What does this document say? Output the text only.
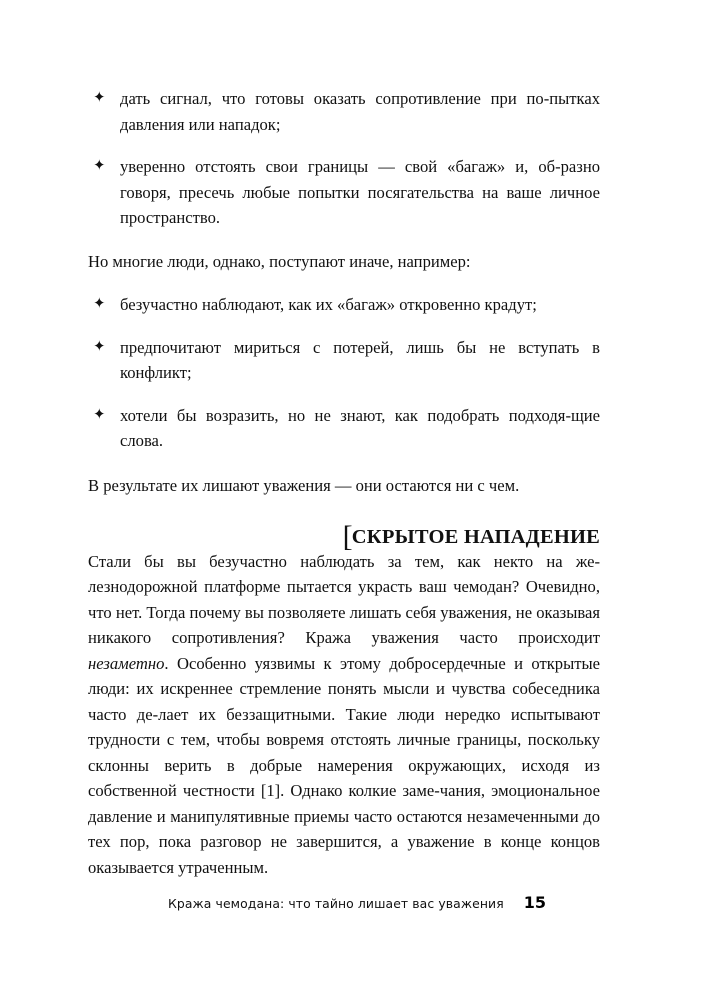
✦ дать сигнал, что готовы оказать сопротивление при по-пытках давления или нападок;
✦ уверенно отстоять свои границы — свой «багаж» и, об-разно говоря, пресечь любые попытки посягательства на ваше личное пространство.

Но многие люди, однако, поступают иначе, например:

✦ безучастно наблюдают, как их «багаж» откровенно крадут;
✦ предпочитают мириться с потерей, лишь бы не вступать в конфликт;
✦ хотели бы возразить, но не знают, как подобрать подходя-щие слова.

В результате их лишают уважения — они остаются ни с чем.

[СКРЫТОЕ НАПАДЕНИЕ

Стали бы вы безучастно наблюдать за тем, как некто на же-лезнодорожной платформе пытается украсть ваш чемодан? Очевидно, что нет. Тогда почему вы позволяете лишать себя уважения, не оказывая никакого сопротивления? Кража уважения часто происходит незаметно. Особенно уязвимы к этому добросердечные и открытые люди: их искреннее стремление понять мысли и чувства собеседника часто де-лает их беззащитными. Такие люди нередко испытывают трудности с тем, чтобы вовремя отстоять личные границы, поскольку склонны верить в добрые намерения окружающих, исходя из собственной честности [1]. Однако колкие заме-чания, эмоциональное давление и манипулятивные приемы часто остаются незамеченными до тех пор, пока разговор не завершится, а уважение в конце концов оказывается утраченным.

Кража чемодана: что тайно лишает вас уважения 15
